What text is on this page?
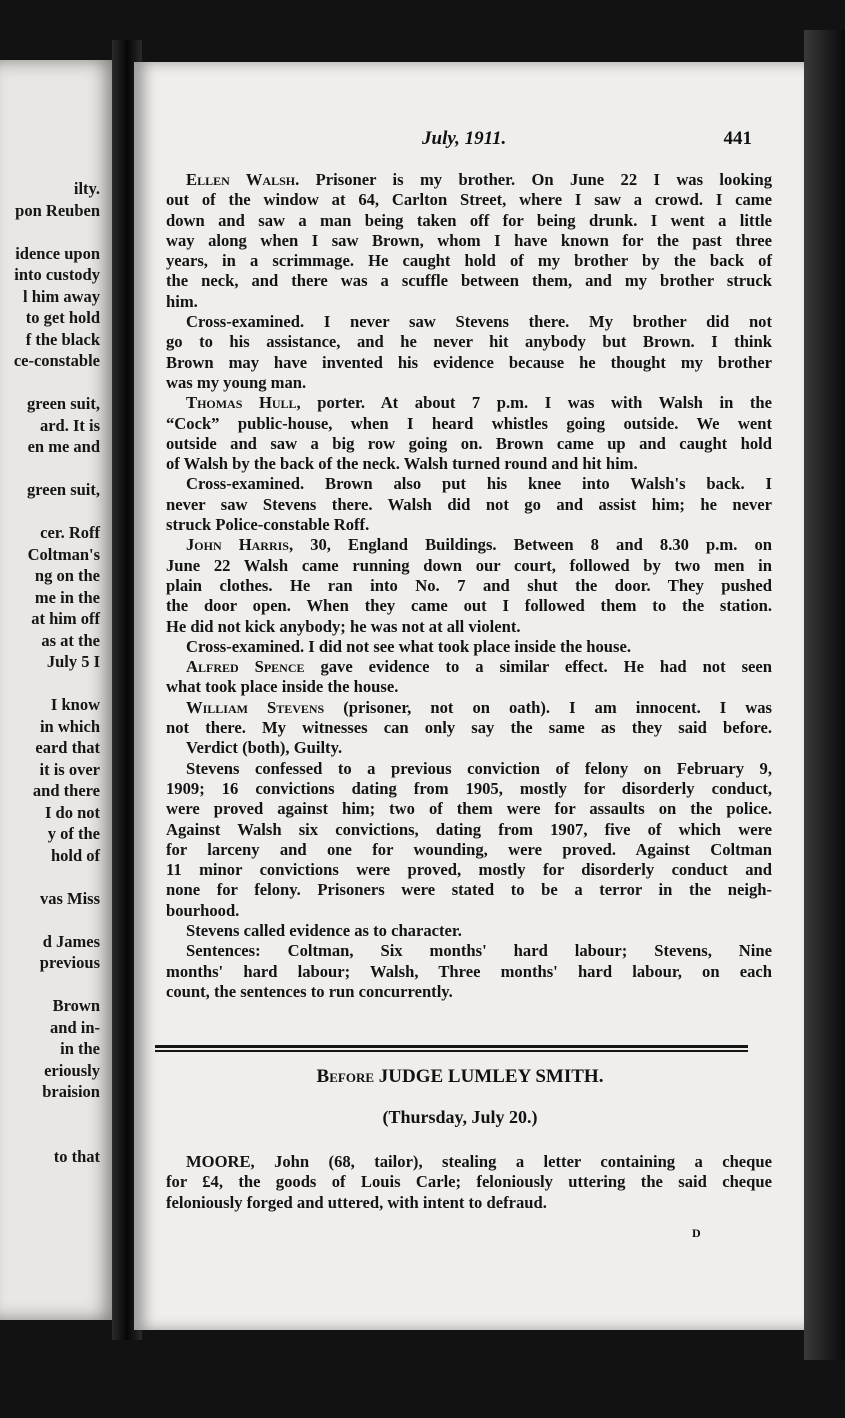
ilty.
pon Reuben

idence upon
into custody
l him away
to get hold
f the black
ce-constable

green suit,
ard. It is
en me and

green suit,

cer. Roff
Coltman's
ng on the
me in the
at him off
as at the
July 5 I

I know
in which
eard that
it is over
and there
I do not
y of the
hold of

vas Miss

d James
previous

Brown
and in-
in the
eriously
braision

to that
July, 1911.	441
Ellen Walsh. Prisoner is my brother. On June 22 I was looking
out of the window at 64, Carlton Street, where I saw a crowd. I came
down and saw a man being taken off for being drunk. I went a little
way along when I saw Brown, whom I have known for the past three
years, in a scrimmage. He caught hold of my brother by the back of
the neck, and there was a scuffle between them, and my brother struck
him.
Cross-examined. I never saw Stevens there. My brother did not
go to his assistance, and he never hit anybody but Brown. I think
Brown may have invented his evidence because he thought my brother
was my young man.
Thomas Hull, porter. At about 7 p.m. I was with Walsh in the
“Cock” public-house, when I heard whistles going outside. We went
outside and saw a big row going on. Brown came up and caught hold
of Walsh by the back of the neck. Walsh turned round and hit him.
Cross-examined. Brown also put his knee into Walsh's back. I
never saw Stevens there. Walsh did not go and assist him; he never
struck Police-constable Roff.
John Harris, 30, England Buildings. Between 8 and 8.30 p.m. on
June 22 Walsh came running down our court, followed by two men in
plain clothes. He ran into No. 7 and shut the door. They pushed
the door open. When they came out I followed them to the station.
He did not kick anybody; he was not at all violent.
Cross-examined. I did not see what took place inside the house.
Alfred Spence gave evidence to a similar effect. He had not seen
what took place inside the house.
William Stevens (prisoner, not on oath). I am innocent. I was
not there. My witnesses can only say the same as they said before.
Verdict (both), Guilty.
Stevens confessed to a previous conviction of felony on February 9,
1909; 16 convictions dating from 1905, mostly for disorderly conduct,
were proved against him; two of them were for assaults on the police.
Against Walsh six convictions, dating from 1907, five of which were
for larceny and one for wounding, were proved. Against Coltman
11 minor convictions were proved, mostly for disorderly conduct and
none for felony. Prisoners were stated to be a terror in the neigh-
bourhood.
Stevens called evidence as to character.
Sentences: Coltman, Six months' hard labour; Stevens, Nine
months' hard labour; Walsh, Three months' hard labour, on each
count, the sentences to run concurrently.
Before JUDGE LUMLEY SMITH.
(Thursday, July 20.)
MOORE, John (68, tailor), stealing a letter containing a cheque
for £4, the goods of Louis Carle; feloniously uttering the said cheque
feloniously forged and uttered, with intent to defraud.
D
